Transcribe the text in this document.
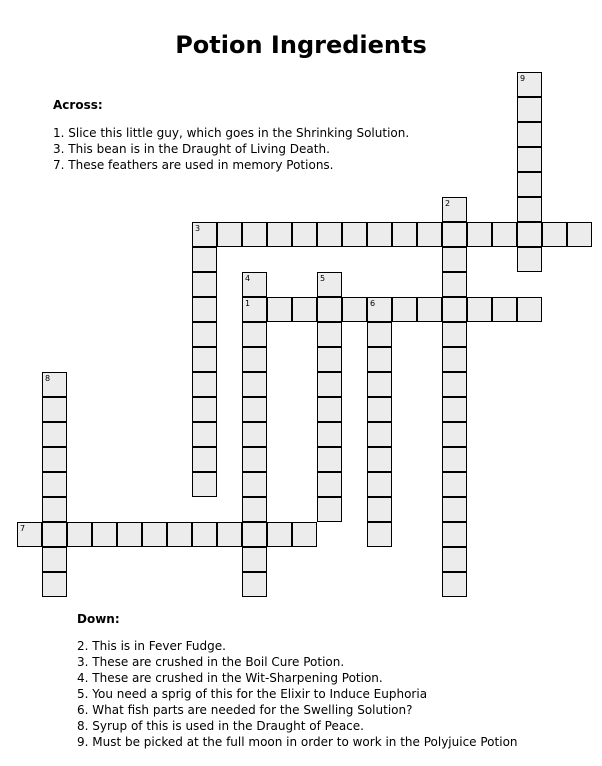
Potion Ingredients
Across:
1. Slice this little guy, which goes in the Shrinking Solution.
3. This bean is in the Draught of Living Death.
7. These feathers are used in memory Potions.
1	6
3
7
2
4	5
8
9
Down:
2. This is in Fever Fudge.
3. These are crushed in the Boil Cure Potion.
4. These are crushed in the Wit-Sharpening Potion.
5. You need a sprig of this for the Elixir to Induce Euphoria
6. What fish parts are needed for the Swelling Solution?
8. Syrup of this is used in the Draught of Peace.
9. Must be picked at the full moon in order to work in the Polyjuice Potion
